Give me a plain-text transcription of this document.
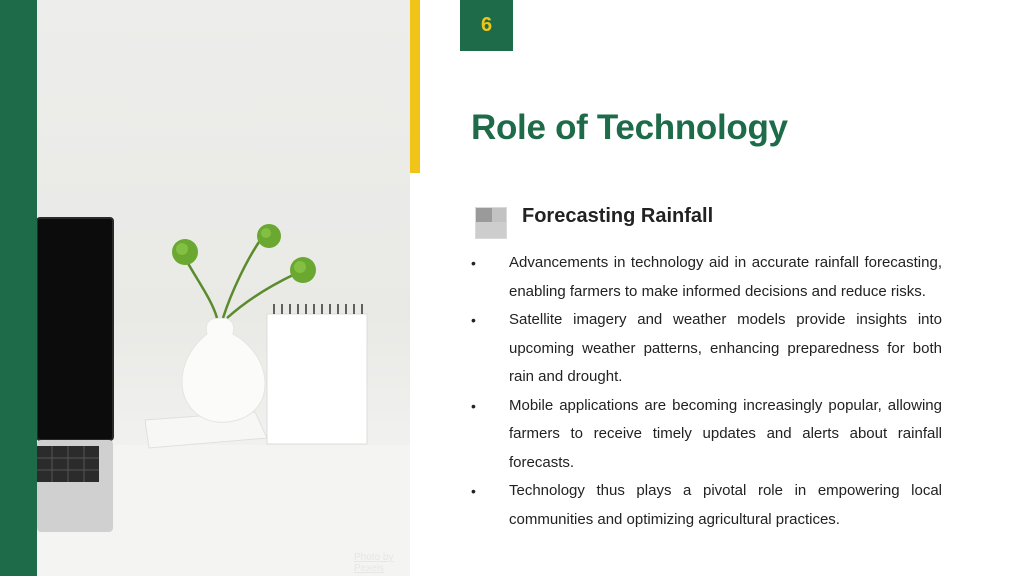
Photo by Pexels
6
Role of Technology
Forecasting Rainfall
•	Advancements in technology aid in accurate rainfall forecasting, enabling farmers to make informed decisions and reduce risks.
•	Satellite imagery and weather models provide insights into upcoming weather patterns, enhancing preparedness for both rain and drought.
•	Mobile applications are becoming increasingly popular, allowing farmers to receive timely updates and alerts about rainfall forecasts.
•	Technology thus plays a pivotal role in empowering local communities and optimizing agricultural practices.
